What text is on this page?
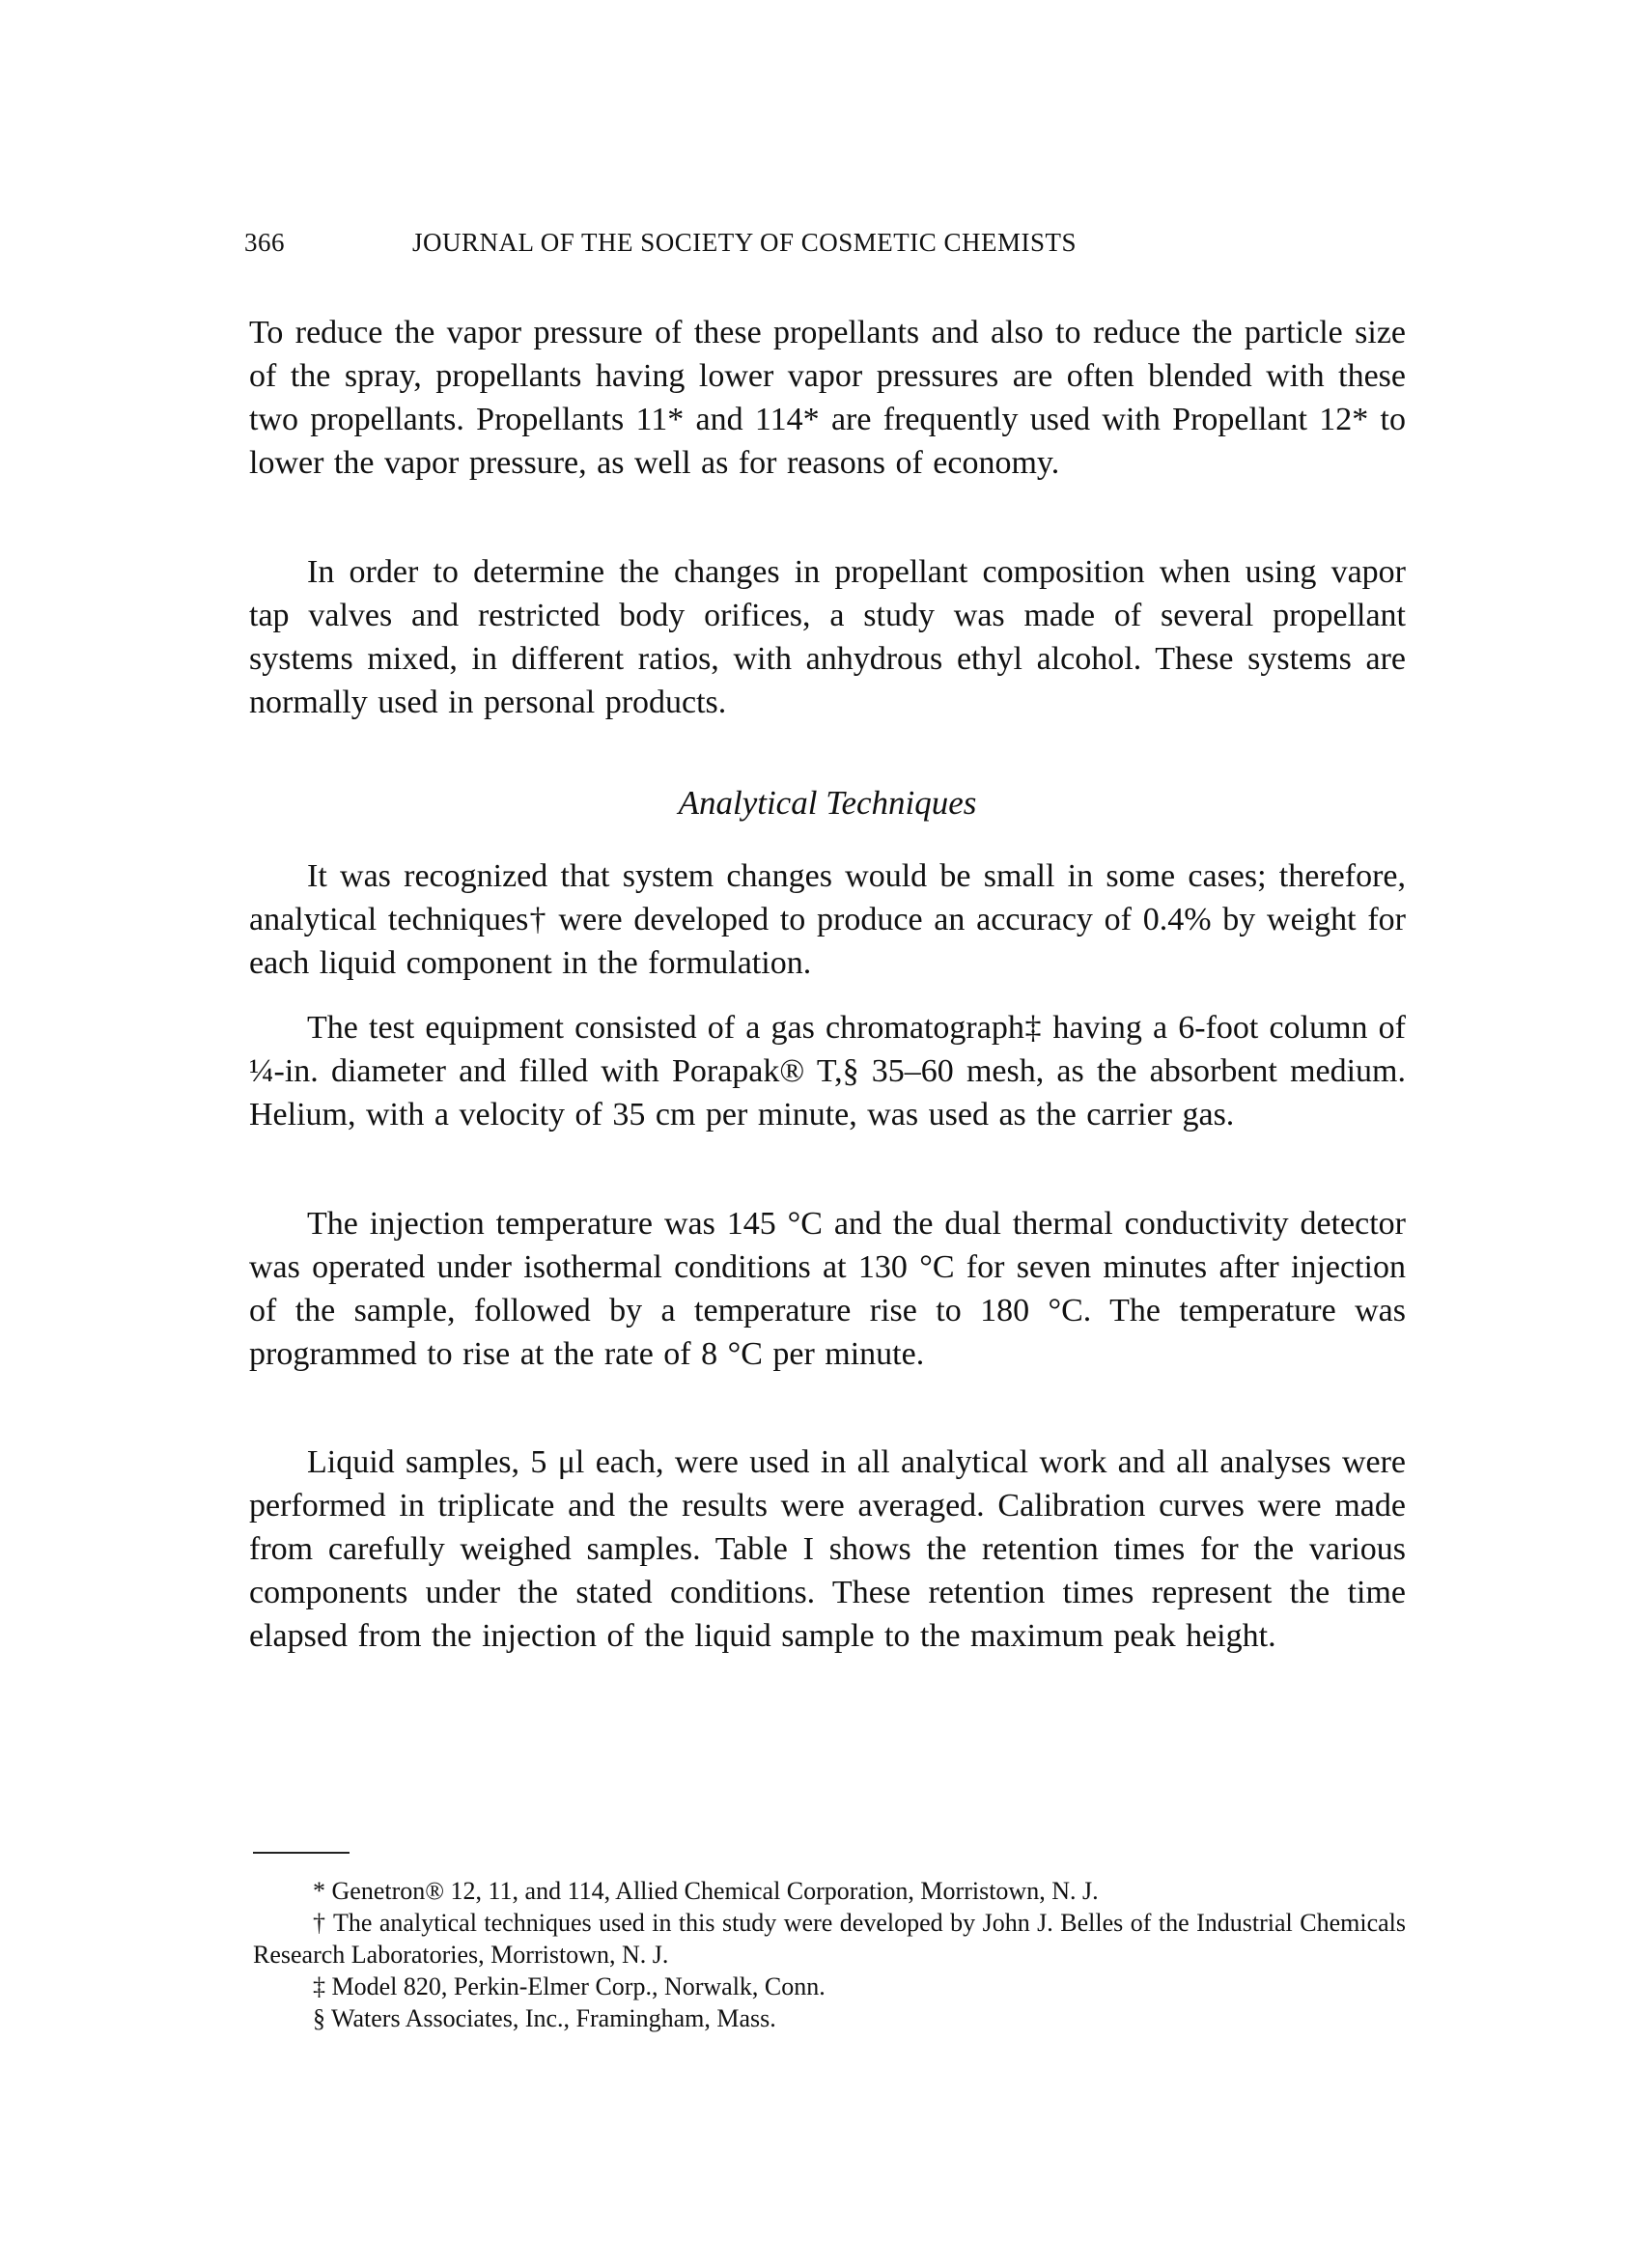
366	JOURNAL OF THE SOCIETY OF COSMETIC CHEMISTS

To reduce the vapor pressure of these propellants and also to reduce the particle size of the spray, propellants having lower vapor pressures are often blended with these two propellants. Propellants 11* and 114* are frequently used with Propellant 12* to lower the vapor pressure, as well as for reasons of economy.

In order to determine the changes in propellant composition when using vapor tap valves and restricted body orifices, a study was made of several propellant systems mixed, in different ratios, with anhydrous ethyl alcohol. These systems are normally used in personal products.

Analytical Techniques

It was recognized that system changes would be small in some cases; therefore, analytical techniques† were developed to produce an accuracy of 0.4% by weight for each liquid component in the formulation.

The test equipment consisted of a gas chromatograph‡ having a 6-foot column of ¼-in. diameter and filled with Porapak® T,§ 35–60 mesh, as the absorbent medium. Helium, with a velocity of 35 cm per minute, was used as the carrier gas.

The injection temperature was 145 °C and the dual thermal conductivity detector was operated under isothermal conditions at 130 °C for seven minutes after injection of the sample, followed by a temperature rise to 180 °C. The temperature was programmed to rise at the rate of 8 °C per minute.

Liquid samples, 5 μl each, were used in all analytical work and all analyses were performed in triplicate and the results were averaged. Calibration curves were made from carefully weighed samples. Table I shows the retention times for the various components under the stated conditions. These retention times represent the time elapsed from the injection of the liquid sample to the maximum peak height.

* Genetron® 12, 11, and 114, Allied Chemical Corporation, Morristown, N. J.

† The analytical techniques used in this study were developed by John J. Belles of the Industrial Chemicals Research Laboratories, Morristown, N. J.

‡ Model 820, Perkin-Elmer Corp., Norwalk, Conn.

§ Waters Associates, Inc., Framingham, Mass.
